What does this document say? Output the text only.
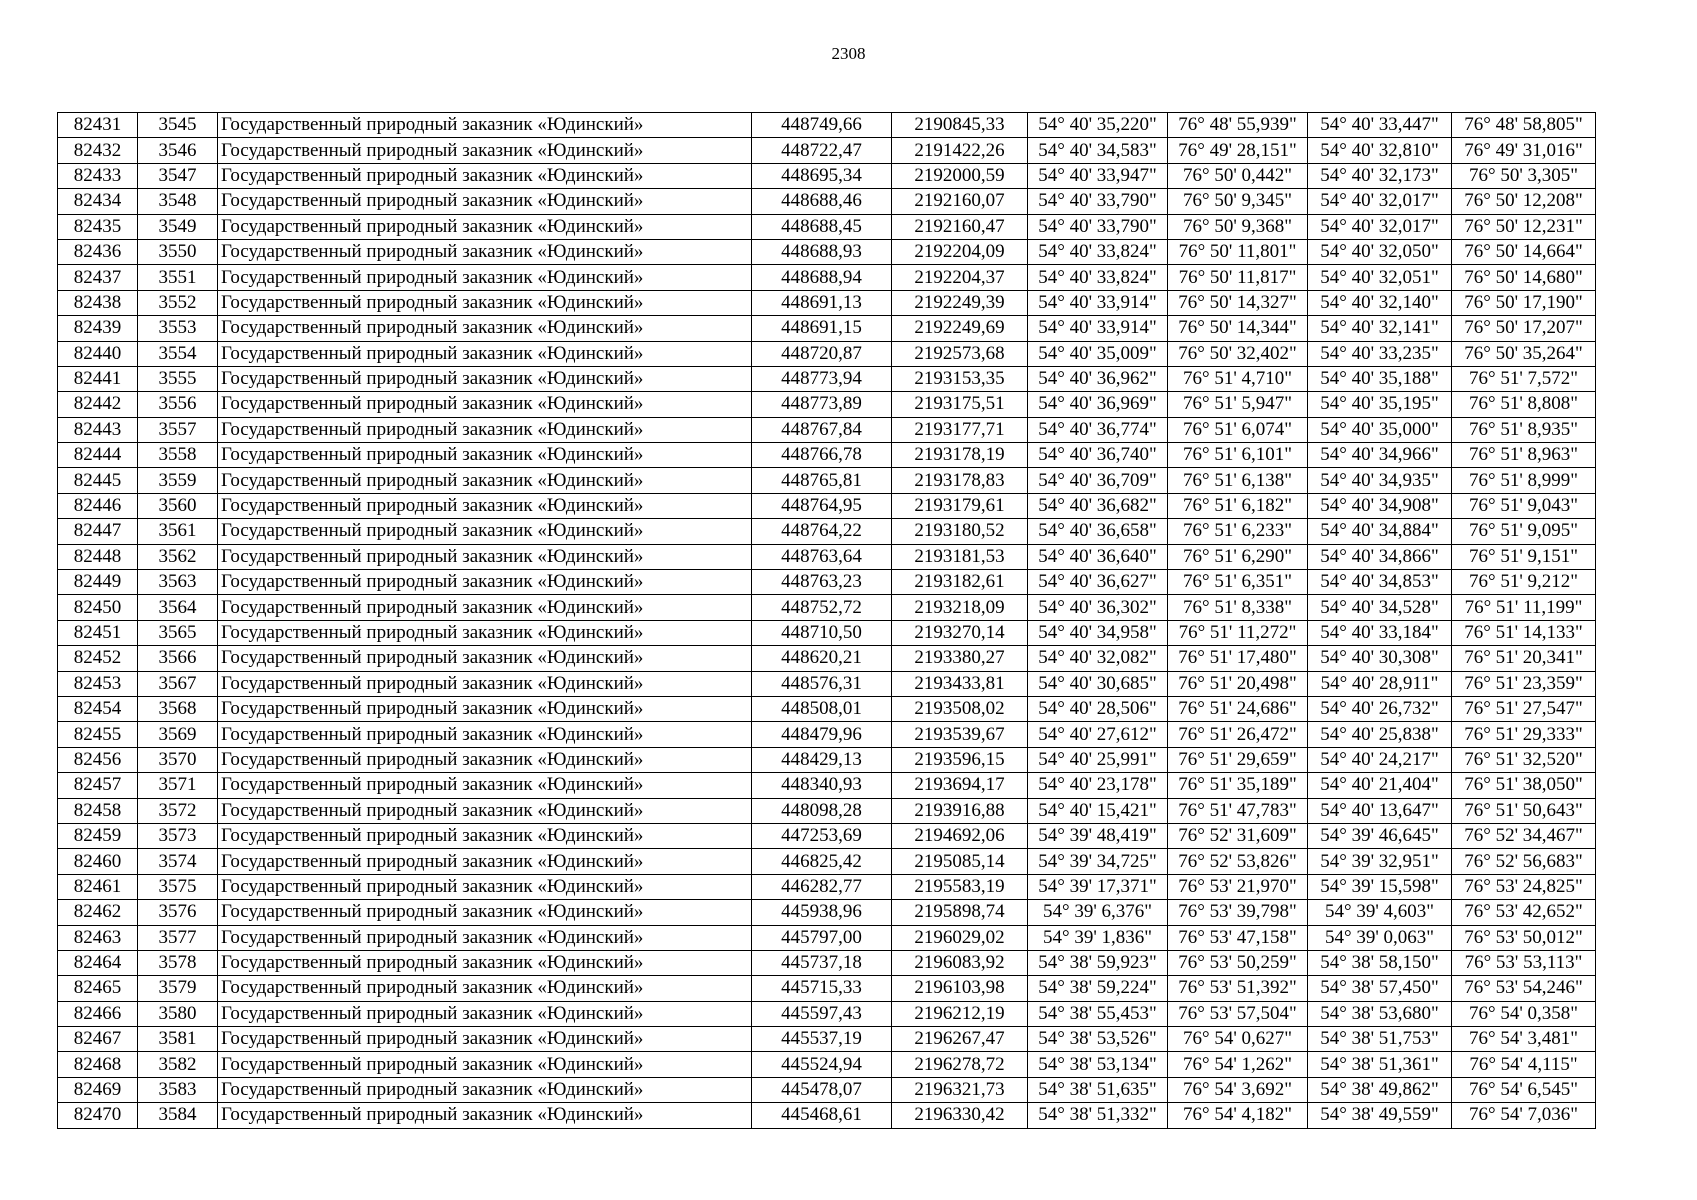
2308
82431	3545	Государственный природный заказник «Юдинский»	448749,66	2190845,33	54° 40' 35,220"	76° 48' 55,939"	54° 40' 33,447"	76° 48' 58,805"
82432	3546	Государственный природный заказник «Юдинский»	448722,47	2191422,26	54° 40' 34,583"	76° 49' 28,151"	54° 40' 32,810"	76° 49' 31,016"
82433	3547	Государственный природный заказник «Юдинский»	448695,34	2192000,59	54° 40' 33,947"	76° 50' 0,442"	54° 40' 32,173"	76° 50' 3,305"
82434	3548	Государственный природный заказник «Юдинский»	448688,46	2192160,07	54° 40' 33,790"	76° 50' 9,345"	54° 40' 32,017"	76° 50' 12,208"
82435	3549	Государственный природный заказник «Юдинский»	448688,45	2192160,47	54° 40' 33,790"	76° 50' 9,368"	54° 40' 32,017"	76° 50' 12,231"
82436	3550	Государственный природный заказник «Юдинский»	448688,93	2192204,09	54° 40' 33,824"	76° 50' 11,801"	54° 40' 32,050"	76° 50' 14,664"
82437	3551	Государственный природный заказник «Юдинский»	448688,94	2192204,37	54° 40' 33,824"	76° 50' 11,817"	54° 40' 32,051"	76° 50' 14,680"
82438	3552	Государственный природный заказник «Юдинский»	448691,13	2192249,39	54° 40' 33,914"	76° 50' 14,327"	54° 40' 32,140"	76° 50' 17,190"
82439	3553	Государственный природный заказник «Юдинский»	448691,15	2192249,69	54° 40' 33,914"	76° 50' 14,344"	54° 40' 32,141"	76° 50' 17,207"
82440	3554	Государственный природный заказник «Юдинский»	448720,87	2192573,68	54° 40' 35,009"	76° 50' 32,402"	54° 40' 33,235"	76° 50' 35,264"
82441	3555	Государственный природный заказник «Юдинский»	448773,94	2193153,35	54° 40' 36,962"	76° 51' 4,710"	54° 40' 35,188"	76° 51' 7,572"
82442	3556	Государственный природный заказник «Юдинский»	448773,89	2193175,51	54° 40' 36,969"	76° 51' 5,947"	54° 40' 35,195"	76° 51' 8,808"
82443	3557	Государственный природный заказник «Юдинский»	448767,84	2193177,71	54° 40' 36,774"	76° 51' 6,074"	54° 40' 35,000"	76° 51' 8,935"
82444	3558	Государственный природный заказник «Юдинский»	448766,78	2193178,19	54° 40' 36,740"	76° 51' 6,101"	54° 40' 34,966"	76° 51' 8,963"
82445	3559	Государственный природный заказник «Юдинский»	448765,81	2193178,83	54° 40' 36,709"	76° 51' 6,138"	54° 40' 34,935"	76° 51' 8,999"
82446	3560	Государственный природный заказник «Юдинский»	448764,95	2193179,61	54° 40' 36,682"	76° 51' 6,182"	54° 40' 34,908"	76° 51' 9,043"
82447	3561	Государственный природный заказник «Юдинский»	448764,22	2193180,52	54° 40' 36,658"	76° 51' 6,233"	54° 40' 34,884"	76° 51' 9,095"
82448	3562	Государственный природный заказник «Юдинский»	448763,64	2193181,53	54° 40' 36,640"	76° 51' 6,290"	54° 40' 34,866"	76° 51' 9,151"
82449	3563	Государственный природный заказник «Юдинский»	448763,23	2193182,61	54° 40' 36,627"	76° 51' 6,351"	54° 40' 34,853"	76° 51' 9,212"
82450	3564	Государственный природный заказник «Юдинский»	448752,72	2193218,09	54° 40' 36,302"	76° 51' 8,338"	54° 40' 34,528"	76° 51' 11,199"
82451	3565	Государственный природный заказник «Юдинский»	448710,50	2193270,14	54° 40' 34,958"	76° 51' 11,272"	54° 40' 33,184"	76° 51' 14,133"
82452	3566	Государственный природный заказник «Юдинский»	448620,21	2193380,27	54° 40' 32,082"	76° 51' 17,480"	54° 40' 30,308"	76° 51' 20,341"
82453	3567	Государственный природный заказник «Юдинский»	448576,31	2193433,81	54° 40' 30,685"	76° 51' 20,498"	54° 40' 28,911"	76° 51' 23,359"
82454	3568	Государственный природный заказник «Юдинский»	448508,01	2193508,02	54° 40' 28,506"	76° 51' 24,686"	54° 40' 26,732"	76° 51' 27,547"
82455	3569	Государственный природный заказник «Юдинский»	448479,96	2193539,67	54° 40' 27,612"	76° 51' 26,472"	54° 40' 25,838"	76° 51' 29,333"
82456	3570	Государственный природный заказник «Юдинский»	448429,13	2193596,15	54° 40' 25,991"	76° 51' 29,659"	54° 40' 24,217"	76° 51' 32,520"
82457	3571	Государственный природный заказник «Юдинский»	448340,93	2193694,17	54° 40' 23,178"	76° 51' 35,189"	54° 40' 21,404"	76° 51' 38,050"
82458	3572	Государственный природный заказник «Юдинский»	448098,28	2193916,88	54° 40' 15,421"	76° 51' 47,783"	54° 40' 13,647"	76° 51' 50,643"
82459	3573	Государственный природный заказник «Юдинский»	447253,69	2194692,06	54° 39' 48,419"	76° 52' 31,609"	54° 39' 46,645"	76° 52' 34,467"
82460	3574	Государственный природный заказник «Юдинский»	446825,42	2195085,14	54° 39' 34,725"	76° 52' 53,826"	54° 39' 32,951"	76° 52' 56,683"
82461	3575	Государственный природный заказник «Юдинский»	446282,77	2195583,19	54° 39' 17,371"	76° 53' 21,970"	54° 39' 15,598"	76° 53' 24,825"
82462	3576	Государственный природный заказник «Юдинский»	445938,96	2195898,74	54° 39' 6,376"	76° 53' 39,798"	54° 39' 4,603"	76° 53' 42,652"
82463	3577	Государственный природный заказник «Юдинский»	445797,00	2196029,02	54° 39' 1,836"	76° 53' 47,158"	54° 39' 0,063"	76° 53' 50,012"
82464	3578	Государственный природный заказник «Юдинский»	445737,18	2196083,92	54° 38' 59,923"	76° 53' 50,259"	54° 38' 58,150"	76° 53' 53,113"
82465	3579	Государственный природный заказник «Юдинский»	445715,33	2196103,98	54° 38' 59,224"	76° 53' 51,392"	54° 38' 57,450"	76° 53' 54,246"
82466	3580	Государственный природный заказник «Юдинский»	445597,43	2196212,19	54° 38' 55,453"	76° 53' 57,504"	54° 38' 53,680"	76° 54' 0,358"
82467	3581	Государственный природный заказник «Юдинский»	445537,19	2196267,47	54° 38' 53,526"	76° 54' 0,627"	54° 38' 51,753"	76° 54' 3,481"
82468	3582	Государственный природный заказник «Юдинский»	445524,94	2196278,72	54° 38' 53,134"	76° 54' 1,262"	54° 38' 51,361"	76° 54' 4,115"
82469	3583	Государственный природный заказник «Юдинский»	445478,07	2196321,73	54° 38' 51,635"	76° 54' 3,692"	54° 38' 49,862"	76° 54' 6,545"
82470	3584	Государственный природный заказник «Юдинский»	445468,61	2196330,42	54° 38' 51,332"	76° 54' 4,182"	54° 38' 49,559"	76° 54' 7,036"
